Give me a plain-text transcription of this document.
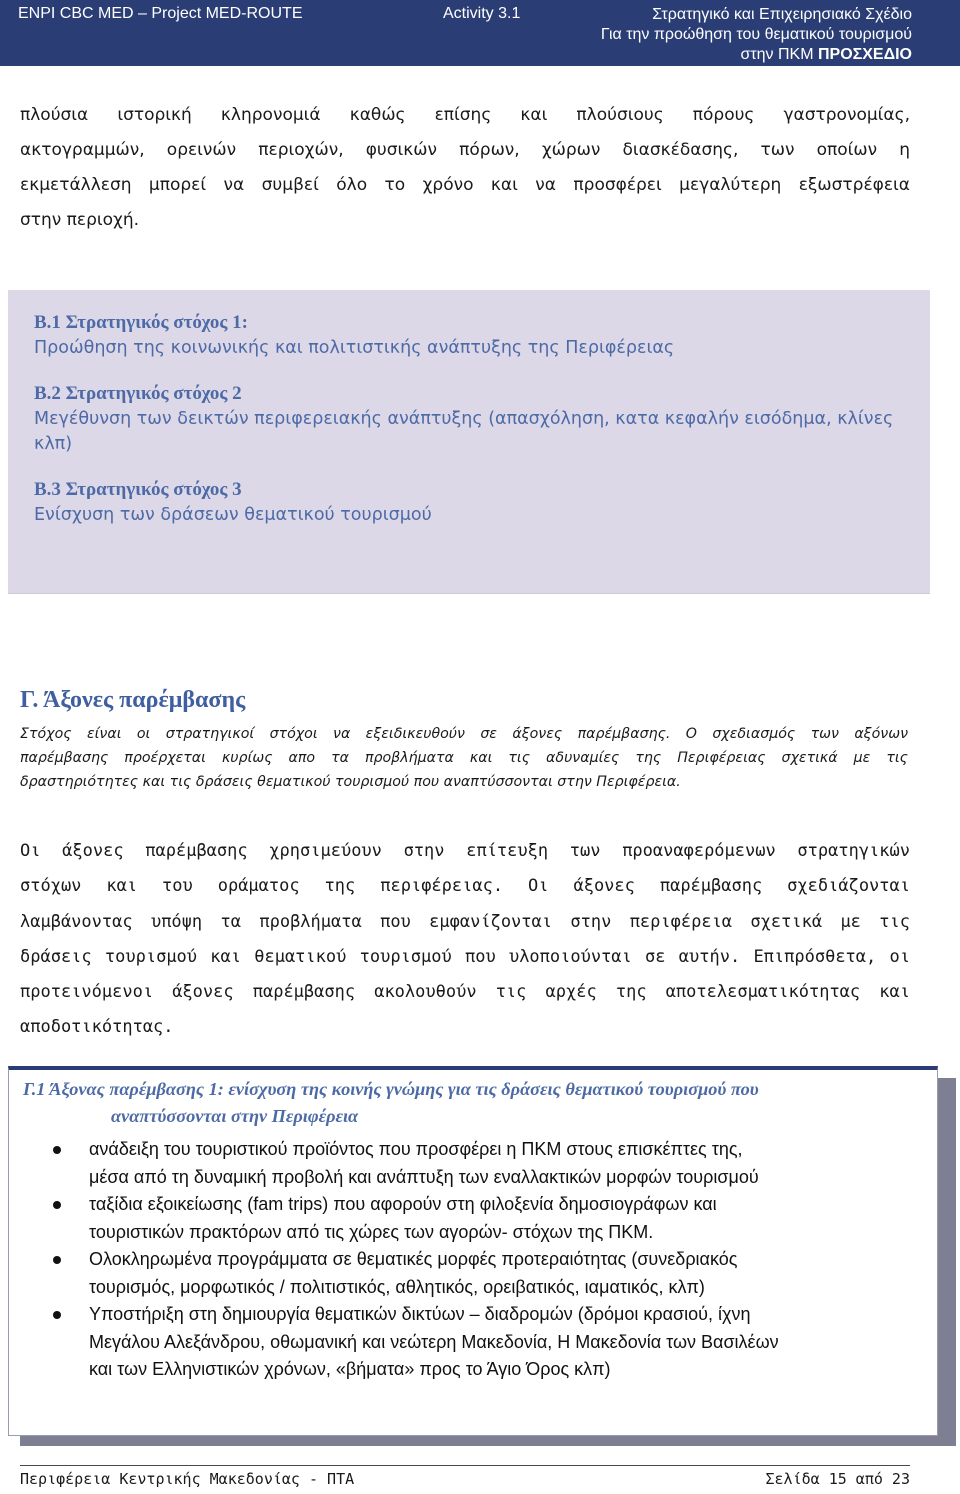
ENPI CBC MED – Project MED-ROUTE	Activity 3.1	Στρατηγικό και Επιχειρησιακό Σχέδιο
Για την προώθηση του θεματικού τουρισμού
στην ΠΚΜ ΠΡΟΣΧΕΔΙΟ
πλούσια ιστορική κληρονομιά καθώς επίσης και πλούσιους πόρους γαστρονομίας,
ακτογραμμών, ορεινών περιοχών, φυσικών πόρων, χώρων διασκέδασης, των οποίων η
εκμετάλλεση μπορεί να συμβεί όλο το χρόνο και να προσφέρει μεγαλύτερη εξωστρέφεια
στην περιοχή.

B.1 Στρατηγικός στόχος 1:

Προώθηση της κοινωνικής και πολιτιστικής ανάπτυξης της Περιφέρειας

B.2 Στρατηγικός στόχος 2

Μεγέθυνση των δεικτών περιφερειακής ανάπτυξης (απασχόληση, κατα κεφαλήν εισόδημα, κλίνες κλπ)

B.3 Στρατηγικός στόχος 3

Ενίσχυση των δράσεων θεματικού τουρισμού

Γ. Άξονες παρέμβασης
Στόχος είναι οι στρατηγικοί στόχοι να εξειδικευθούν σε άξονες παρέμβασης. Ο σχεδιασμός των αξόνων
παρέμβασης προέρχεται κυρίως απο τα προβλήματα και τις αδυναμίες της Περιφέρειας σχετικά με τις
δραστηριότητες και τις δράσεις θεματικού τουρισμού που αναπτύσσονται στην Περιφέρεια.
Οι άξονες παρέμβασης χρησιμεύουν στην επίτευξη των προαναφερόμενων στρατηγικών
στόχων και του οράματος της περιφέρειας. Οι άξονες παρέμβασης σχεδιάζονται
λαμβάνοντας υπόψη τα προβλήματα που εμφανίζονται στην περιφέρεια σχετικά με τις
δράσεις τουρισμού και θεματικού τουρισμού που υλοποιούνται σε αυτήν. Επιπρόσθετα, οι
προτεινόμενοι άξονες παρέμβασης ακολουθούν τις αρχές της αποτελεσματικότητας και
αποδοτικότητας.

Γ.1 Άξονας παρέμβασης 1: ενίσχυση της κοινής γνώμης για τις δράσεις θεματικού τουρισμού που
αναπτύσσονται στην Περιφέρεια

ανάδειξη του τουριστικού προϊόντος που προσφέρει η ΠΚΜ στους επισκέπτες της,
μέσα από τη δυναμική προβολή και ανάπτυξη των εναλλακτικών μορφών τουρισμού
ταξίδια εξοικείωσης (fam trips) που αφορούν στη φιλοξενία δημοσιογράφων και
τουριστικών πρακτόρων από τις χώρες των αγορών- στόχων της ΠΚΜ.
Ολοκληρωμένα προγράμματα σε θεματικές μορφές προτεραιότητας (συνεδριακός
τουρισμός, μορφωτικός / πολιτιστικός, αθλητικός, ορειβατικός, ιαματικός, κλπ)
Υποστήριξη στη δημιουργία θεματικών δικτύων – διαδρομών (δρόμοι κρασιού, ίχνη
Μεγάλου Αλεξάνδρου, οθωμανική και νεώτερη Μακεδονία, Η Μακεδονία των Βασιλέων
και των Ελληνιστικών χρόνων, «βήματα» προς το Άγιο Όρος κλπ)
Περιφέρεια Κεντρικής Μακεδονίας - ΠΤΑ	Σελίδα 15 από 23
